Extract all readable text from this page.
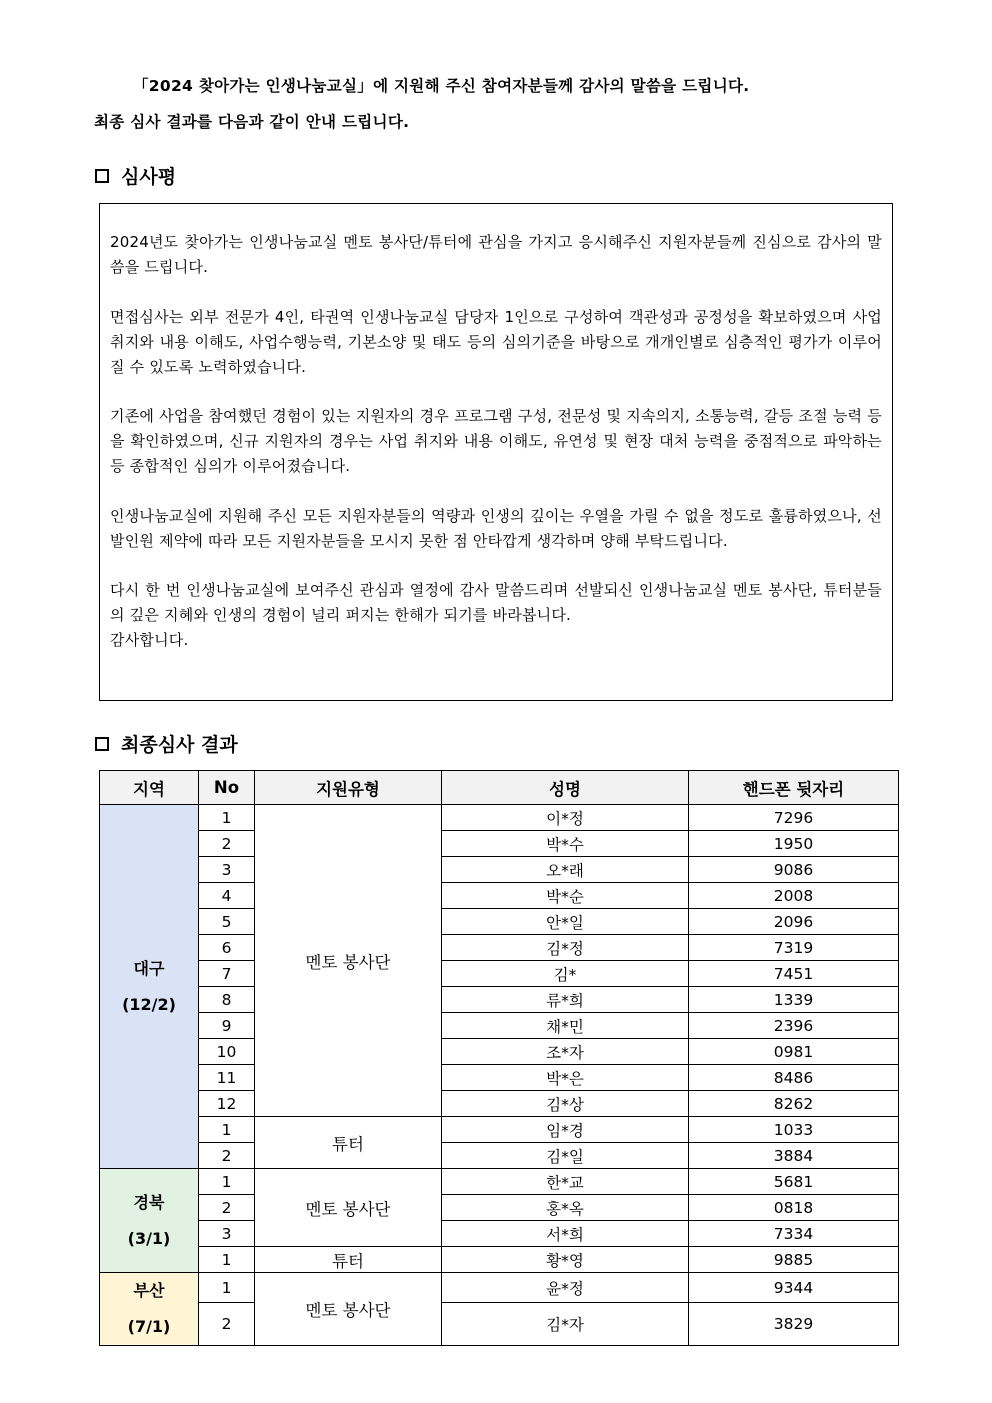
「2024 찾아가는 인생나눔교실」에 지원해 주신 참여자분들께 감사의 말씀을 드립니다.
최종 심사 결과를 다음과 같이 안내 드립니다.
심사평

2024년도 찾아가는 인생나눔교실 멘토 봉사단/튜터에 관심을 가지고 응시해주신 지원자분들께 진심으로 감사의 말씀을 드립니다.

면접심사는 외부 전문가 4인, 타권역 인생나눔교실 담당자 1인으로 구성하여 객관성과 공정성을 확보하였으며 사업 취지와 내용 이해도, 사업수행능력, 기본소양 및 태도 등의 심의기준을 바탕으로 개개인별로 심층적인 평가가 이루어질 수 있도록 노력하였습니다.

기존에 사업을 참여했던 경험이 있는 지원자의 경우 프로그램 구성, 전문성 및 지속의지, 소통능력, 갈등 조절 능력 등을 확인하였으며, 신규 지원자의 경우는 사업 취지와 내용 이해도, 유연성 및 현장 대처 능력을 중점적으로 파악하는 등 종합적인 심의가 이루어졌습니다.

인생나눔교실에 지원해 주신 모든 지원자분들의 역량과 인생의 깊이는 우열을 가릴 수 없을 정도로 훌륭하였으나, 선발인원 제약에 따라 모든 지원자분들을 모시지 못한 점 안타깝게 생각하며 양해 부탁드립니다.

다시 한 번 인생나눔교실에 보여주신 관심과 열정에 감사 말씀드리며 선발되신 인생나눔교실 멘토 봉사단, 튜터분들의 깊은 지혜와 인생의 경험이 널리 퍼지는 한해가 되기를 바라봅니다.

감사합니다.

최종심사 결과
지역	No	지원유형	성명	핸드폰 뒷자리

대구
(12/2)	1	멘토 봉사단	이*정	7296
	2		박*수	1950
	3		오*래	9086
	4		박*순	2008
	5		안*일	2096
	6		김*정	7319
	7		김*	7451
	8		류*희	1339
	9		채*민	2396
	10		조*자	0981
	11		박*은	8486
	12		김*상	8262
	1	튜터	임*경	1033
	2		김*일	3884

경북
(3/1)	1	멘토 봉사단	한*교	5681
	2		홍*옥	0818
	3		서*희	7334
	1	튜터	황*영	9885

부산
(7/1)	1	멘토 봉사단	윤*정	9344
	2		김*자	3829
